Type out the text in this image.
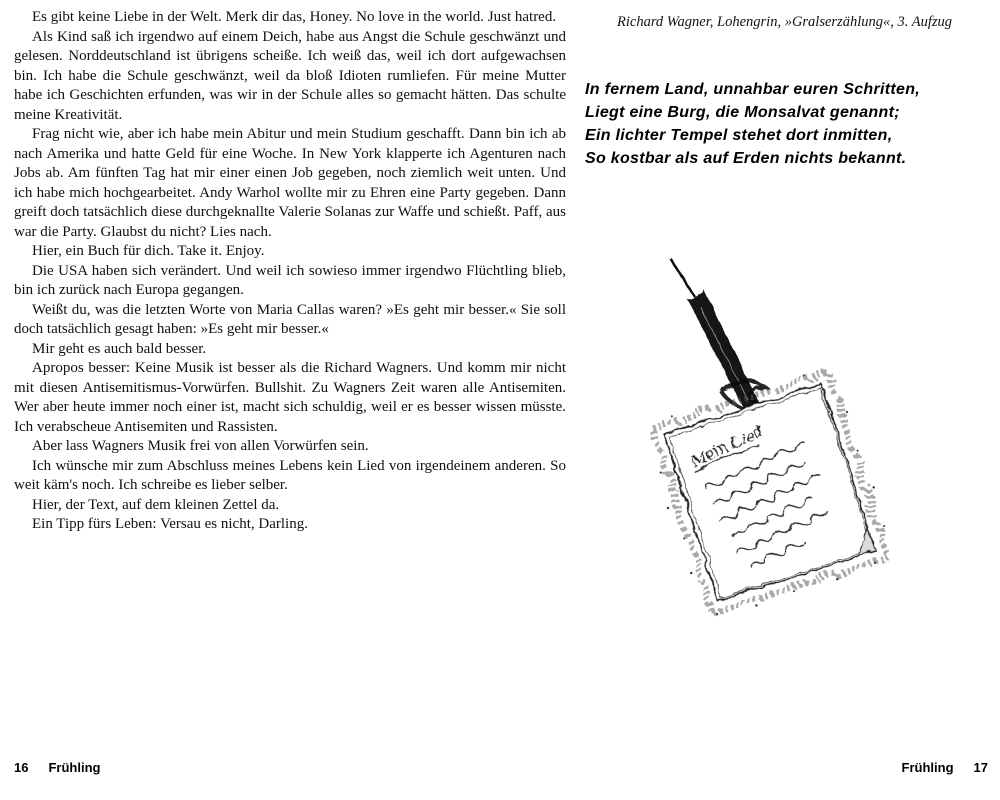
Es gibt keine Liebe in der Welt. Merk dir das, Honey. No love in the world. Just hatred.

Als Kind saß ich irgendwo auf einem Deich, habe aus Angst die Schule geschwänzt und gelesen. Norddeutschland ist übrigens scheiße. Ich weiß das, weil ich dort aufgewachsen bin. Ich habe die Schule geschwänzt, weil da bloß Idioten rumliefen. Für meine Mutter habe ich Geschichten erfunden, was wir in der Schule alles so gemacht hätten. Das schulte meine Kreativität.

Frag nicht wie, aber ich habe mein Abitur und mein Studium geschafft. Dann bin ich ab nach Amerika und hatte Geld für eine Woche. In New York klapperte ich Agenturen nach Jobs ab. Am fünften Tag hat mir einer einen Job gegeben, noch ziemlich weit unten. Und ich habe mich hochgearbeitet. Andy Warhol wollte mir zu Ehren eine Party gegeben. Dann greift doch tatsächlich diese durchgeknallte Valerie Solanas zur Waffe und schießt. Paff, aus war die Party. Glaubst du nicht? Lies nach.

Hier, ein Buch für dich. Take it. Enjoy.

Die USA haben sich verändert. Und weil ich sowieso immer irgendwo Flüchtling blieb, bin ich zurück nach Europa gegangen.

Weißt du, was die letzten Worte von Maria Callas waren? »Es geht mir besser.« Sie soll doch tatsächlich gesagt haben: »Es geht mir besser.«

Mir geht es auch bald besser.

Apropos besser: Keine Musik ist besser als die Richard Wagners. Und komm mir nicht mit diesen Antisemitismus-Vorwürfen. Bullshit. Zu Wagners Zeit waren alle Antisemiten. Wer aber heute immer noch einer ist, macht sich schuldig, weil er es besser wissen müsste. Ich verabscheue Antisemiten und Rassisten.

Aber lass Wagners Musik frei von allen Vorwürfen sein.

Ich wünsche mir zum Abschluss meines Lebens kein Lied von irgendeinem anderen. So weit käm's noch. Ich schreibe es lieber selber.

Hier, der Text, auf dem kleinen Zettel da.

Ein Tipp fürs Leben: Versau es nicht, Darling.

Richard Wagner, Lohengrin, »Gralserzählung«, 3. Aufzug
In fernem Land, unnahbar euren Schritten,
Liegt eine Burg, die Monsalvat genannt;
Ein lichter Tempel stehet dort inmitten,
So kostbar als auf Erden nichts bekannt.
Mein Lied
16 Frühling	Frühling 17
